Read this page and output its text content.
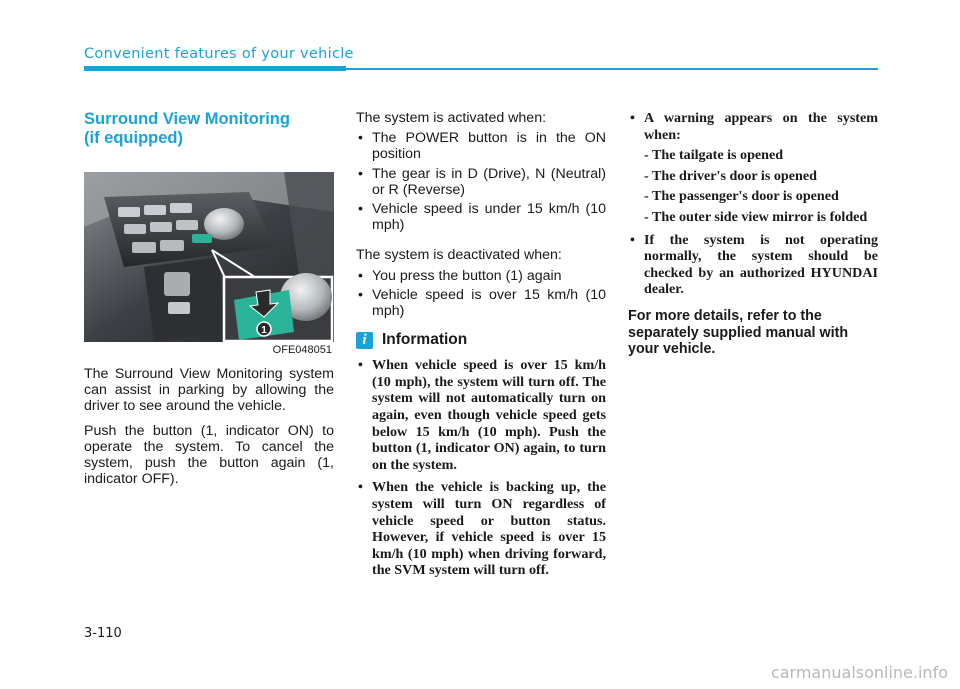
Convenient features of your vehicle
Surround View Monitoring
(if equipped)
1
OFE048051

The Surround View Monitoring system can assist in parking by allowing the driver to see around the vehicle.

Push the button (1, indicator ON) to operate the system. To cancel the system, push the button again (1, indicator OFF).

The system is activated when:

• The POWER button is in the ON position
• The gear is in D (Drive), N (Neutral) or R (Reverse)
• Vehicle speed is under 15 km/h (10 mph)

The system is deactivated when:

• You press the button (1) again
• Vehicle speed is over 15 km/h (10 mph)
i Information
• When vehicle speed is over 15 km/h (10 mph), the system will turn off. The system will not automatically turn on again, even though vehicle speed gets below 15 km/h (10 mph). Push the button (1, indicator ON) again, to turn on the system.
• When the vehicle is backing up, the system will turn ON regardless of vehicle speed or button status. However, if vehicle speed is over 15 km/h (10 mph) when driving forward, the SVM system will turn off.
• A warning appears on the system when:
- The tailgate is opened
- The driver's door is opened
- The passenger's door is opened
- The outer side view mirror is folded
• If the system is not operating normally, the system should be checked by an authorized HYUNDAI dealer.
For more details, refer to the separately supplied manual with your vehicle.
3-110
carmanualsonline.info
